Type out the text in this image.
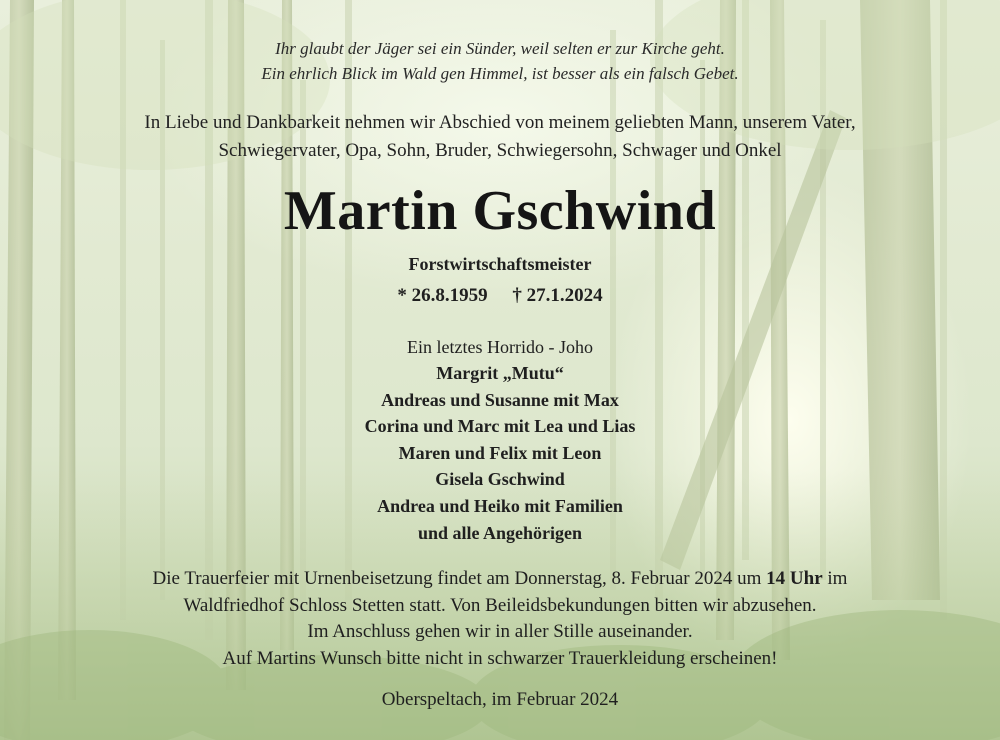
Ihr glaubt der Jäger sei ein Sünder, weil selten er zur Kirche geht.
Ein ehrlich Blick im Wald gen Himmel, ist besser als ein falsch Gebet.
In Liebe und Dankbarkeit nehmen wir Abschied von meinem geliebten Mann, unserem Vater,
Schwiegervater, Opa, Sohn, Bruder, Schwiegersohn, Schwager und Onkel
Martin Gschwind
Forstwirtschaftsmeister
* 26.8.1959 † 27.1.2024
Ein letztes Horrido - Joho
Margrit „Mutu“
Andreas und Susanne mit Max
Corina und Marc mit Lea und Lias
Maren und Felix mit Leon
Gisela Gschwind
Andrea und Heiko mit Familien
und alle Angehörigen
Die Trauerfeier mit Urnenbeisetzung findet am Donnerstag, 8. Februar 2024 um 14 Uhr im
Waldfriedhof Schloss Stetten statt. Von Beileidsbekundungen bitten wir abzusehen.
Im Anschluss gehen wir in aller Stille auseinander.
Auf Martins Wunsch bitte nicht in schwarzer Trauerkleidung erscheinen!
Oberspeltach, im Februar 2024
